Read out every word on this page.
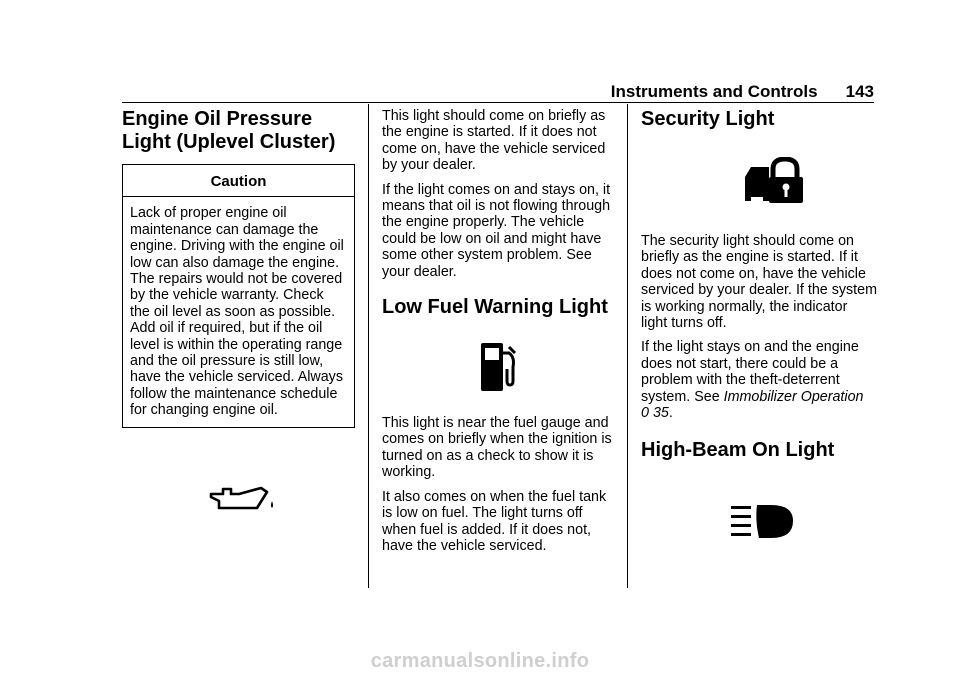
Instruments and Controls 143
Engine Oil Pressure Light (Uplevel Cluster)
Caution
Lack of proper engine oil maintenance can damage the engine. Driving with the engine oil low can also damage the engine. The repairs would not be covered by the vehicle warranty. Check the oil level as soon as possible. Add oil if required, but if the oil level is within the operating range and the oil pressure is still low, have the vehicle serviced. Always follow the maintenance schedule for changing engine oil.

This light should come on briefly as the engine is started. If it does not come on, have the vehicle serviced by your dealer.

If the light comes on and stays on, it means that oil is not flowing through the engine properly. The vehicle could be low on oil and might have some other system problem. See your dealer.

Low Fuel Warning Light

This light is near the fuel gauge and comes on briefly when the ignition is turned on as a check to show it is working.

It also comes on when the fuel tank is low on fuel. The light turns off when fuel is added. If it does not, have the vehicle serviced.

Security Light

The security light should come on briefly as the engine is started. If it does not come on, have the vehicle serviced by your dealer. If the system is working normally, the indicator light turns off.

If the light stays on and the engine does not start, there could be a problem with the theft-deterrent system. See Immobilizer Operation
0 35.

High-Beam On Light
carmanualsonline.info
